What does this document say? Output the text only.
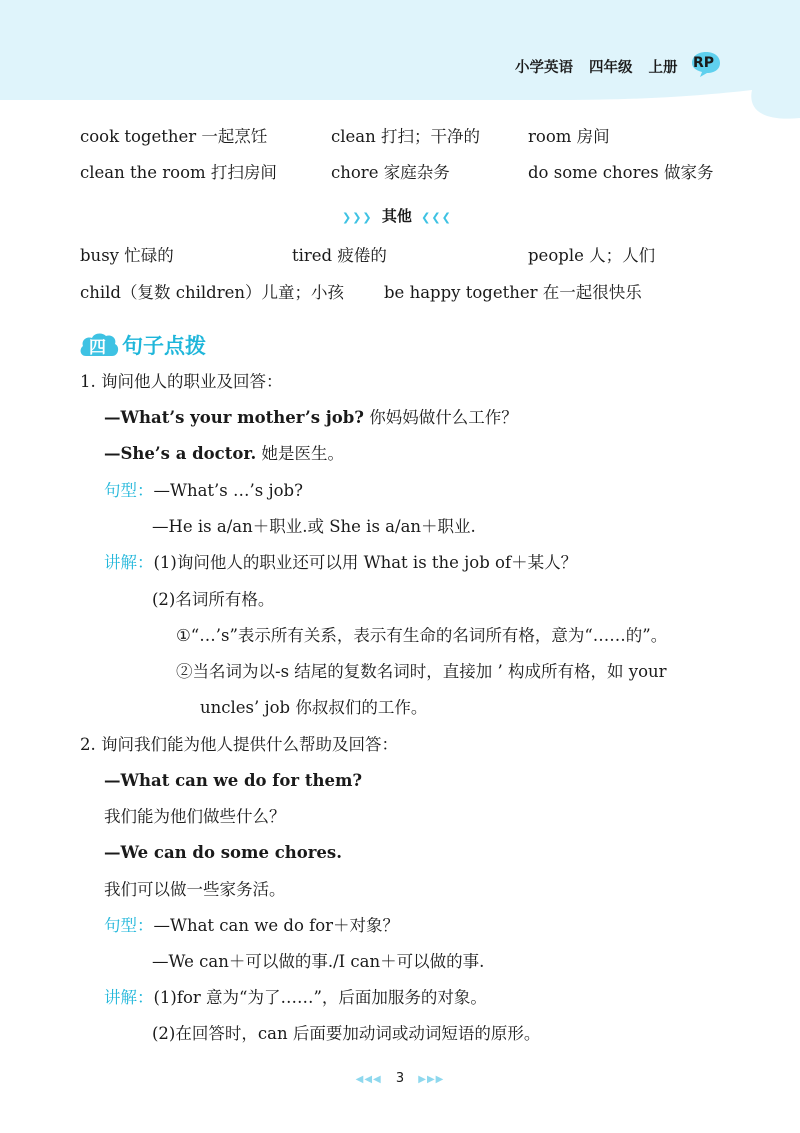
小学英语 四年级 上册	RP
cook together 一起烹饪	clean 打扫；干净的	room 房间
clean the room 打扫房间	chore 家庭杂务	do some chores 做家务
❯❯❯ 其他 ❮❮❮
busy 忙碌的	tired 疲倦的	people 人；人们
child（复数 children）儿童；小孩 be happy together 在一起很快乐
四 句子点拨
1. 询问他人的职业及回答：
—What’s your mother’s job? 你妈妈做什么工作？
—She’s a doctor. 她是医生。
句型：—What’s …’s job?
—He is a/an＋职业.或 She is a/an＋职业.
讲解：(1)询问他人的职业还可以用 What is the job of＋某人？
(2)名词所有格。
①“…’s”表示所有关系，表示有生命的名词所有格，意为“……的”。
②当名词为以-s 结尾的复数名词时，直接加 ’ 构成所有格，如 your
uncles’ job 你叔叔们的工作。
2. 询问我们能为他人提供什么帮助及回答：
—What can we do for them?
我们能为他们做些什么？
—We can do some chores.
我们可以做一些家务活。
句型：—What can we do for＋对象？
—We can＋可以做的事./I can＋可以做的事.
讲解：(1)for 意为“为了……”，后面加服务的对象。
(2)在回答时，can 后面要加动词或动词短语的原形。
◀◀◀ 3 ▶▶▶
